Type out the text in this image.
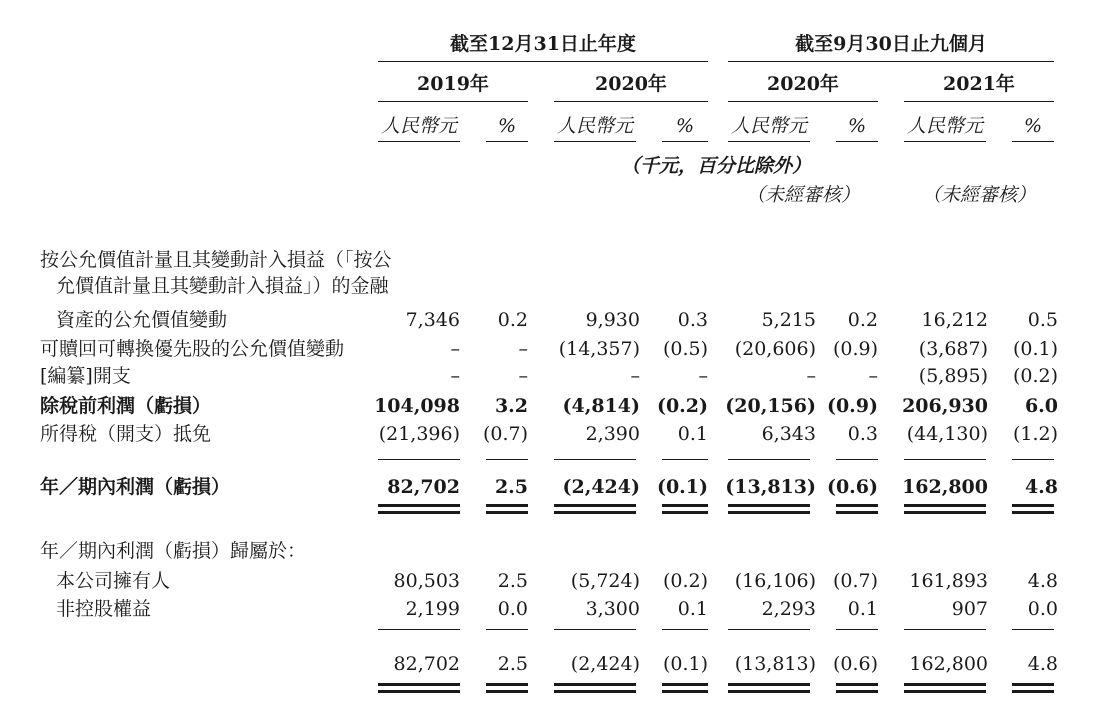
截至12月31日止年度	截至9月30日止九個月
2019年	2020年	2020年	2021年
人民幣元	%	人民幣元	%	人民幣元	%	人民幣元	%
（千元，百分比除外）
（未經審核）	（未經審核）
按公允價值計量且其變動計入損益（「按公
允價值計量且其變動計入損益」）的金融
資產的公允價值變動	7,346	0.2	9,930	0.3	5,215	0.2	16,212	0.5
可贖回可轉換優先股的公允價值變動	–	–	(14,357)	(0.5)	(20,606) (0.9)	(3,687)	(0.1)
[編纂]開支	–	–	–	–	–	–	(5,895)	(0.2)
除稅前利潤（虧損）	104,098	3.2	(4,814) (0.2) (20,156) (0.9)	206,930	6.0
所得稅（開支）抵免	(21,396)	(0.7)	2,390	0.1	6,343	0.3	(44,130)	(1.2)
年／期內利潤（虧損）	82,702	2.5	(2,424) (0.1) (13,813) (0.6)	162,800	4.8
年／期內利潤（虧損）歸屬於：
本公司擁有人	80,503	2.5	(5,724)	(0.2)	(16,106) (0.7)	161,893	4.8
非控股權益	2,199	0.0	3,300	0.1	2,293	0.1	907	0.0
82,702	2.5	(2,424)	(0.1)	(13,813) (0.6)	162,800	4.8
